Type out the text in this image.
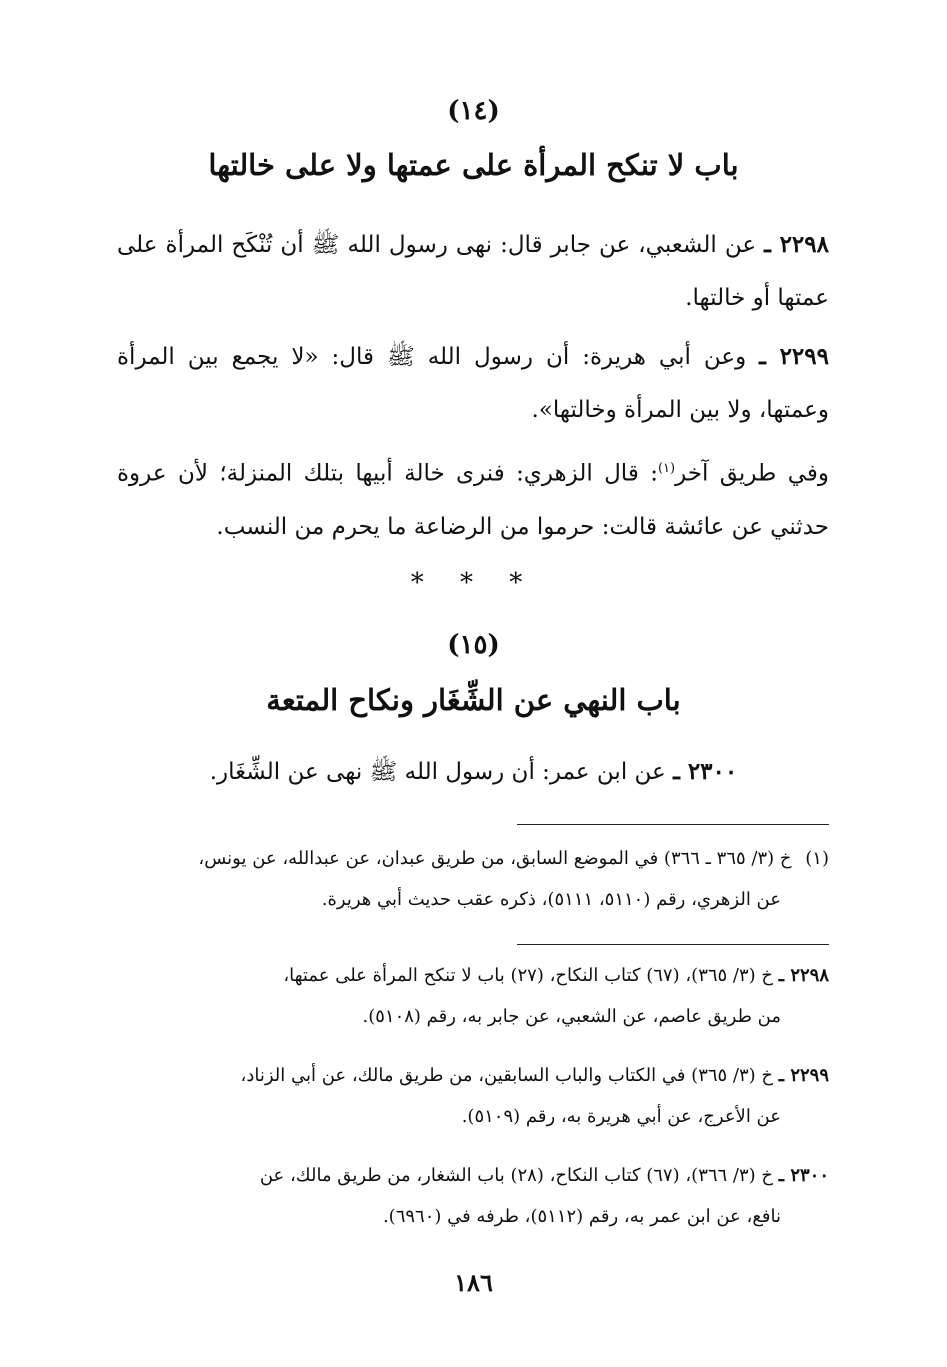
(١٤)
باب لا تنكح المرأة على عمتها ولا على خالتها
٢٢٩٨ ـ عن الشعبي، عن جابر قال: نهى رسول الله ﷺ أن تُنْكَح المرأة على عمتها أو خالتها.
٢٢٩٩ ـ وعن أبي هريرة: أن رسول الله ﷺ قال: «لا يجمع بين المرأة وعمتها، ولا بين المرأة وخالتها».
وفي طريق آخر$^{(١)}$: قال الزهري: فنرى خالة أبيها بتلك المنزلة؛ لأن عروة حدثني عن عائشة قالت: حرموا من الرضاعة ما يحرم من النسب.
* * *
(١٥)
باب النهي عن الشِّغَار ونكاح المتعة
٢٣٠٠ ـ عن ابن عمر: أن رسول الله ﷺ نهى عن الشِّغَار.
(١) خ (٣/ ٣٦٥ ـ ٣٦٦) في الموضع السابق، من طريق عبدان، عن عبدالله، عن يونس،
عن الزهري، رقم (٥١١٠، ٥١١١)، ذكره عقب حديث أبي هريرة.
٢٢٩٨ ـ خ (٣/ ٣٦٥)، (٦٧) كتاب النكاح، (٢٧) باب لا تنكح المرأة على عمتها،
من طريق عاصم، عن الشعبي، عن جابر به، رقم (٥١٠٨).
٢٢٩٩ ـ خ (٣/ ٣٦٥) في الكتاب والباب السابقين، من طريق مالك، عن أبي الزناد،
عن الأعرج، عن أبي هريرة به، رقم (٥١٠٩).
٢٣٠٠ ـ خ (٣/ ٣٦٦)، (٦٧) كتاب النكاح، (٢٨) باب الشغار، من طريق مالك، عن
نافع، عن ابن عمر به، رقم (٥١١٢)، طرفه في (٦٩٦٠).
١٨٦
